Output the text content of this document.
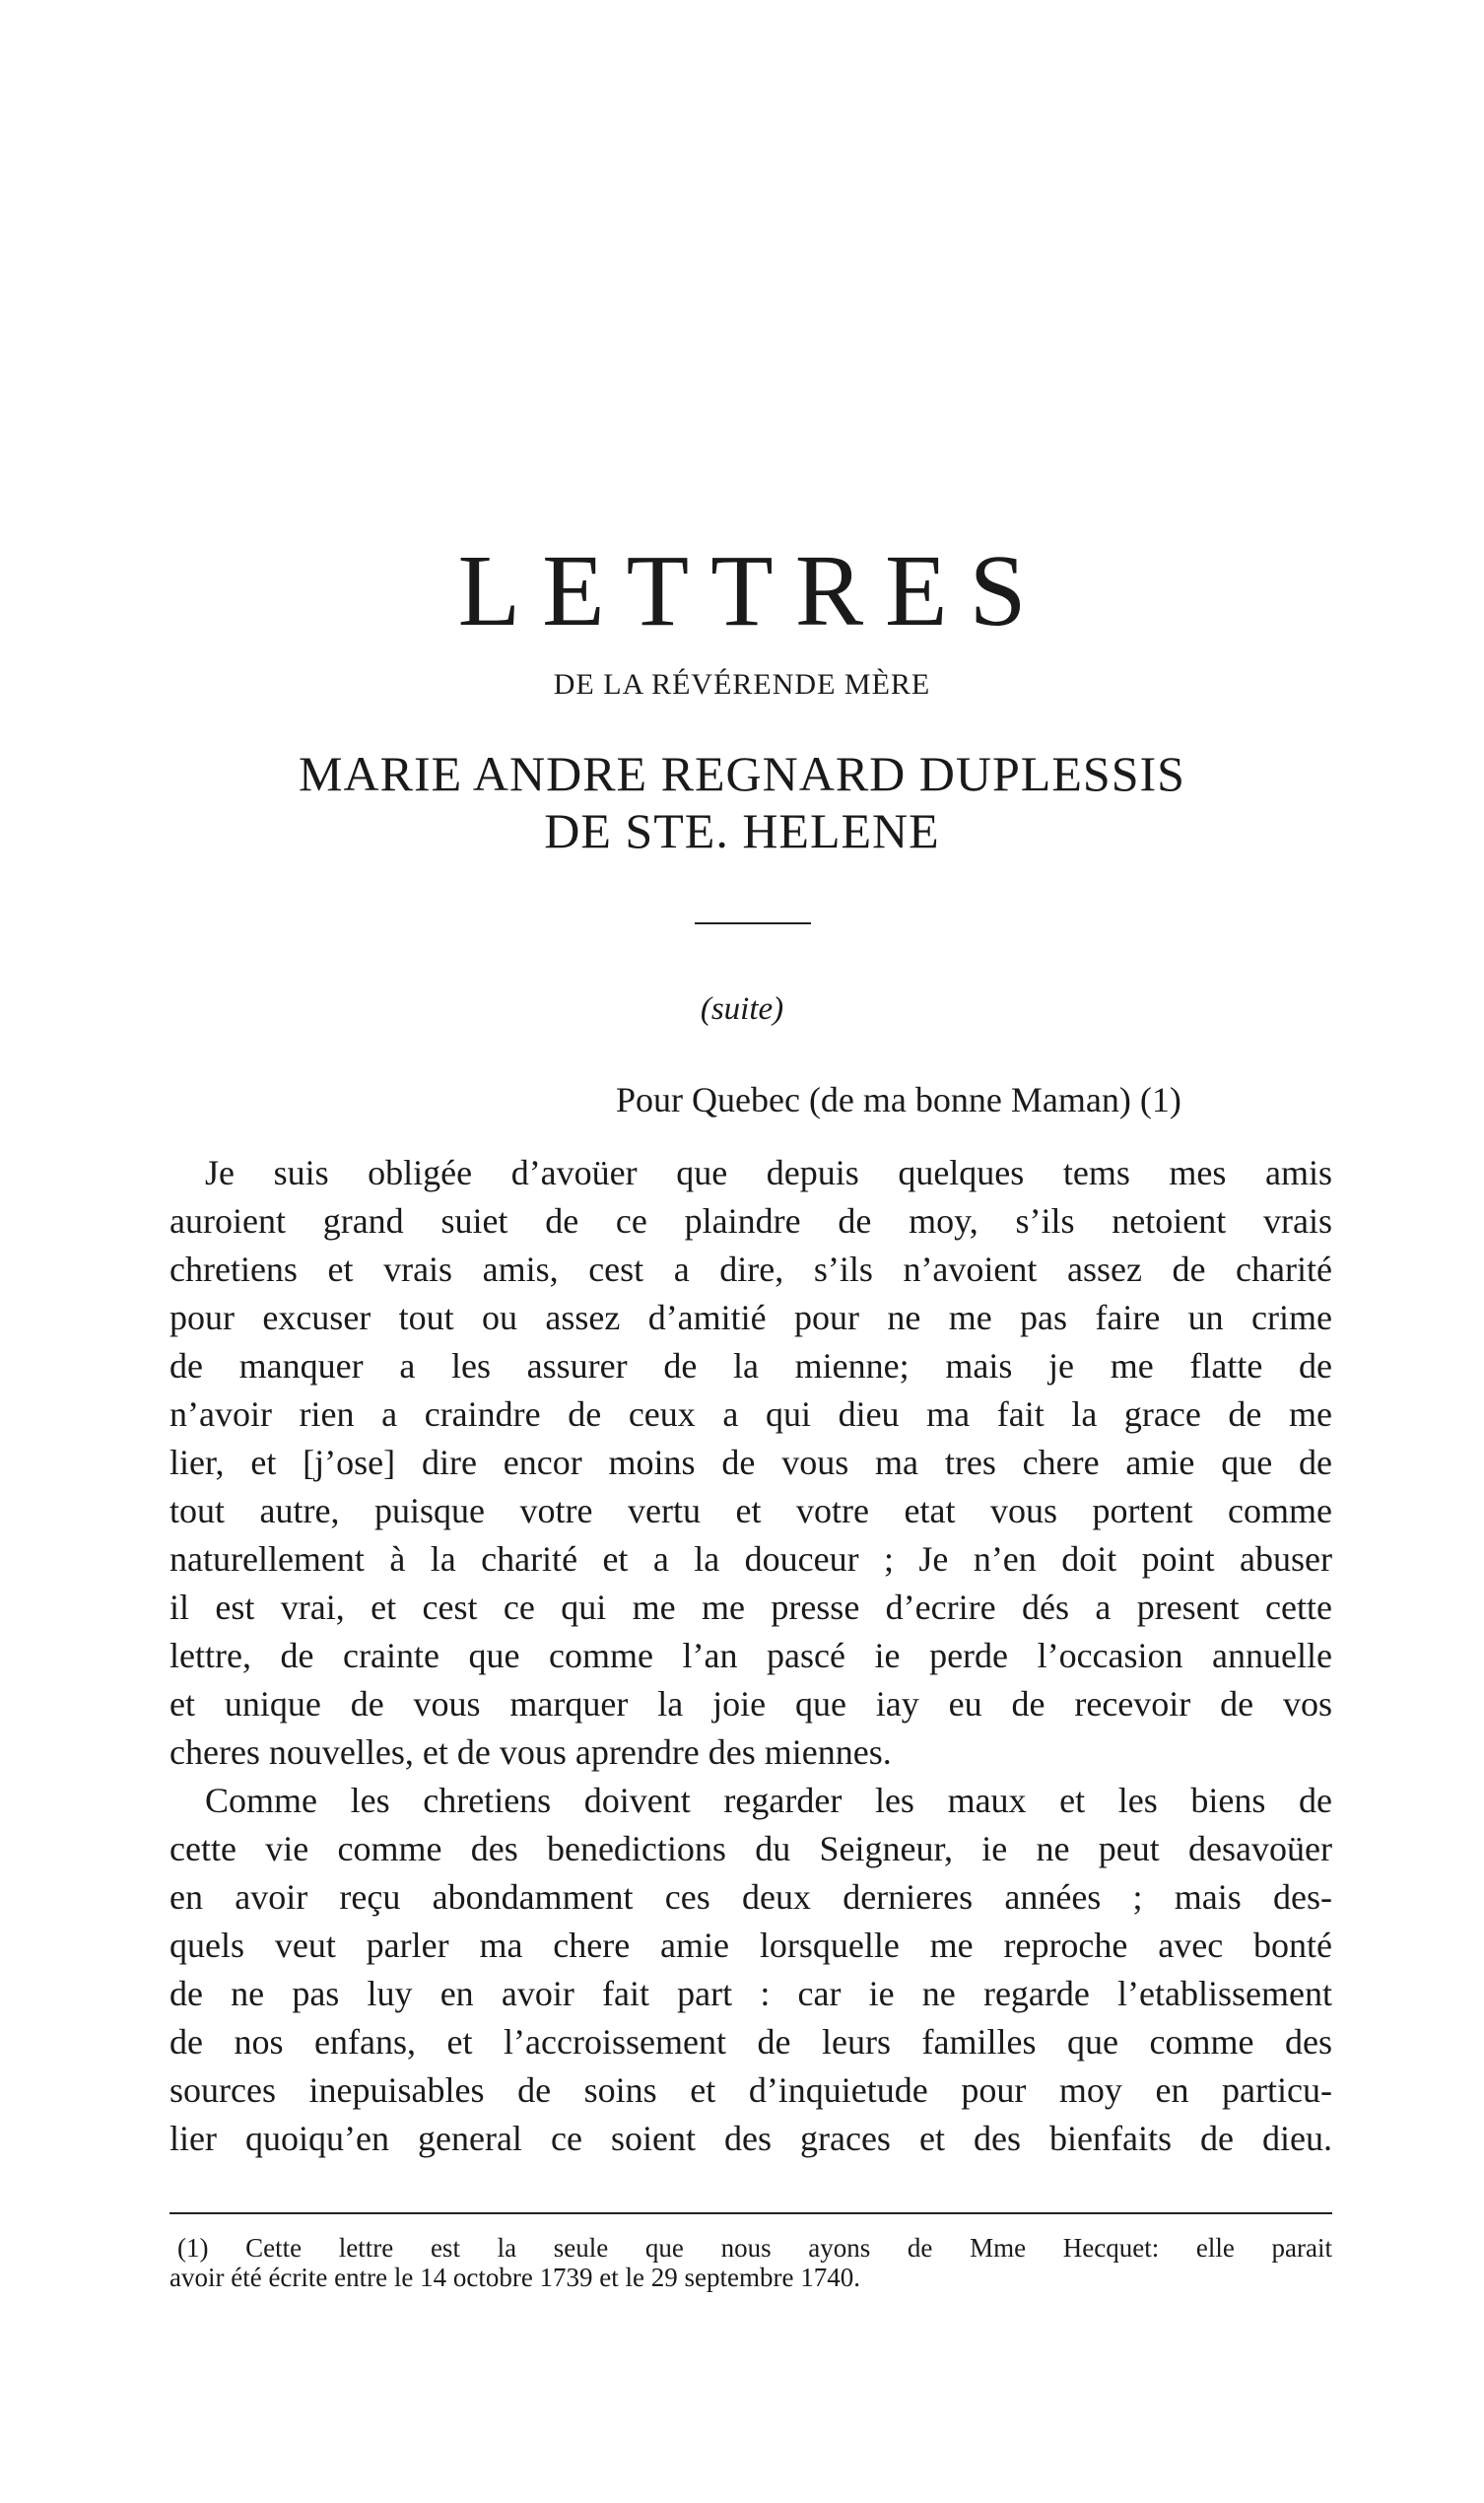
LETTRES
DE LA RÉVÉRENDE MÈRE
MARIE ANDRE REGNARD DUPLESSIS
DE STE. HELENE
(suite)
Pour Quebec (de ma bonne Maman) (1)
Je suis obligée d’avoüer que depuis quelques tems mes amis
auroient grand suiet de ce plaindre de moy, s’ils netoient vrais
chretiens et vrais amis, cest a dire, s’ils n’avoient assez de charité
pour excuser tout ou assez d’amitié pour ne me pas faire un crime
de manquer a les assurer de la mienne; mais je me flatte de
n’avoir rien a craindre de ceux a qui dieu ma fait la grace de me
lier, et [j’ose] dire encor moins de vous ma tres chere amie que de
tout autre, puisque votre vertu et votre etat vous portent comme
naturellement à la charité et a la douceur ; Je n’en doit point abuser
il est vrai, et cest ce qui me me presse d’ecrire dés a present cette
lettre, de crainte que comme l’an pascé ie perde l’occasion annuelle
et unique de vous marquer la joie que iay eu de recevoir de vos
cheres nouvelles, et de vous aprendre des miennes.
Comme les chretiens doivent regarder les maux et les biens de
cette vie comme des benedictions du Seigneur, ie ne peut desavoüer
en avoir reçu abondamment ces deux dernieres années ; mais des-
quels veut parler ma chere amie lorsquelle me reproche avec bonté
de ne pas luy en avoir fait part : car ie ne regarde l’etablissement
de nos enfans, et l’accroissement de leurs familles que comme des
sources inepuisables de soins et d’inquietude pour moy en particu-
lier quoiqu’en general ce soient des graces et des bienfaits de dieu.
(1) Cette lettre est la seule que nous ayons de Mme Hecquet: elle parait
avoir été écrite entre le 14 octobre 1739 et le 29 septembre 1740.
